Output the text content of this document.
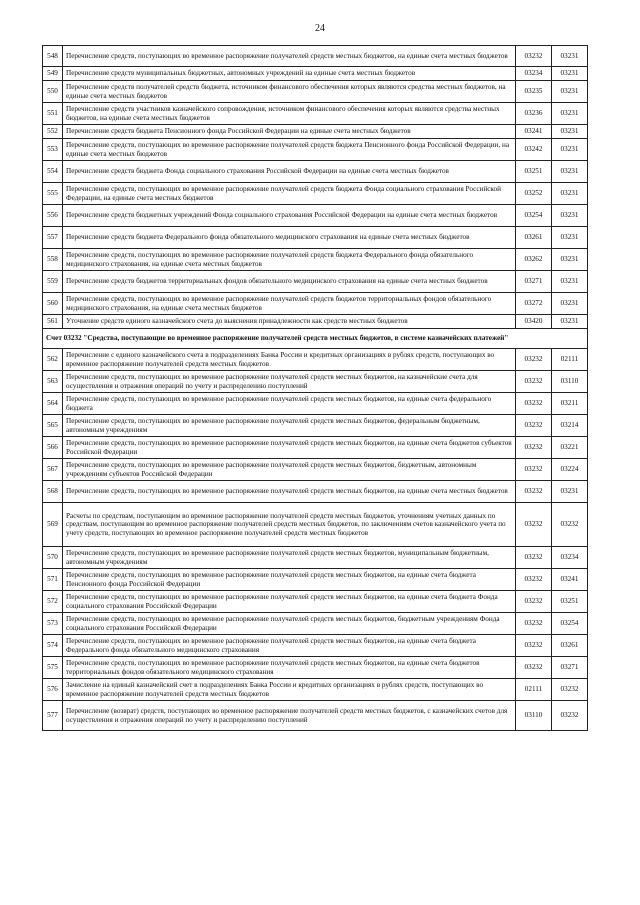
24
548	Перечисление средств, поступающих во временное распоряжение получателей средств местных бюджетов, на единые счета местных бюджетов	03232	03231
549	Перечисление средств муниципальных бюджетных, автономных учреждений на единые счета местных бюджетов	03234	03231
550	Перечисление средств получателей средств бюджета, источником финансового обеспечения которых являются средства местных бюджетов, на единые счета местных бюджетов	03235	03231
551	Перечисление средств участников казначейского сопровождения, источником финансового обеспечения которых являются средства местных бюджетов, на единые счета местных бюджетов	03236	03231
552	Перечисление средств бюджета Пенсионного фонда Российской Федерации на единые счета местных бюджетов	03241	03231
553	Перечисление средств, поступающих во временное распоряжение получателей средств бюджета Пенсионного фонда Российской Федерации, на единые счета местных бюджетов	03242	03231
554	Перечисление средств бюджета Фонда социального страхования Российской Федерации на единые счета местных бюджетов	03251	03231
555	Перечисление средств, поступающих во временное распоряжение получателей средств бюджета Фонда социального страхования Российской Федерации, на единые счета местных бюджетов	03252	03231
556	Перечисление средств бюджетных учреждений Фонда социального страхования Российской Федерации на единые счета местных бюджетов	03254	03231
557	Перечисление средств бюджета Федерального фонда обязательного медицинского страхования на единые счета местных бюджетов	03261	03231
558	Перечисление средств, поступающих во временное распоряжение получателей средств бюджета Федерального фонда обязательного медицинского страхования, на единые счета местных бюджетов	03262	03231
559	Перечисление средств бюджетов территориальных фондов обязательного медицинского страхования на единые счета местных бюджетов	03271	03231
560	Перечисление средств, поступающих во временное распоряжение получателей средств бюджетов территориальных фондов обязательного медицинского страхования, на единые счета местных бюджетов	03272	03231
561	Уточнение средств единого казначейского счета до выяснения принадлежности как средств местных бюджетов	03420	03231
Счет 03232 "Средства, поступающие во временное распоряжение получателей средств местных бюджетов, в системе казначейских платежей"			
562	Перечисление с единого казначейского счета в подразделениях Банка России и кредитных организациях в рублях средств, поступающих во временное распоряжение получателей средств местных бюджетов	03232	02111
563	Перечисление средств, поступающих во временное распоряжение получателей средств местных бюджетов, на казначейские счета для осуществления и отражения операций по учету и распределению поступлений	03232	03110
564	Перечисление средств, поступающих во временное распоряжение получателей средств местных бюджетов, на единые счета федерального бюджета	03232	03211
565	Перечисление средств, поступающих во временное распоряжение получателей средств местных бюджетов, федеральным бюджетным, автономным учреждениям	03232	03214
566	Перечисление средств, поступающих во временное распоряжение получателей средств местных бюджетов, на единые счета бюджетов субъектов Российской Федерации	03232	03221
567	Перечисление средств, поступающих во временное распоряжение получателей средств местных бюджетов, бюджетным, автономным учреждениям субъектов Российской Федерации	03232	03224
568	Перечисление средств, поступающих во временное распоряжение получателей средств местных бюджетов, на единые счета местных бюджетов	03232	03231
569	Расчеты по средствам, поступающим во временное распоряжение получателей средств местных бюджетов, уточнениям учетных данных по средствам, поступающим во временное распоряжение получателей средств местных бюджетов, по заключениям счетов казначейского учета по учету средств, поступающих во временное распоряжение получателей средств местных бюджетов	03232	03232
570	Перечисление средств, поступающих во временное распоряжение получателей средств местных бюджетов, муниципальным бюджетным, автономным учреждениям	03232	03234
571	Перечисление средств, поступающих во временное распоряжение получателей средств местных бюджетов, на единые счета бюджета Пенсионного фонда Российской Федерации	03232	03241
572	Перечисление средств, поступающих во временное распоряжение получателей средств местных бюджетов, на единые счета бюджета Фонда социального страхования Российской Федерации	03232	03251
573	Перечисление средств, поступающих во временное распоряжение получателей средств местных бюджетов, бюджетным учреждениям Фонда социального страхования Российской Федерации	03232	03254
574	Перечисление средств, поступающих во временное распоряжение получателей средств местных бюджетов, на единые счета бюджета Федерального фонда обязательного медицинского страхования	03232	03261
575	Перечисление средств, поступающих во временное распоряжение получателей средств местных бюджетов, на единые счета бюджетов территориальных фондов обязательного медицинского страхования	03232	03271
576	Зачисление на единый казначейский счет в подразделениях Банка России и кредитных организациях в рублях средств, поступающих во временное распоряжение получателей средств местных бюджетов	02111	03232
577	Перечисление (возврат) средств, поступающих во временное распоряжение получателей средств местных бюджетов, с казначейских счетов для осуществления и отражения операций по учету и распределению поступлений	03110	03232
